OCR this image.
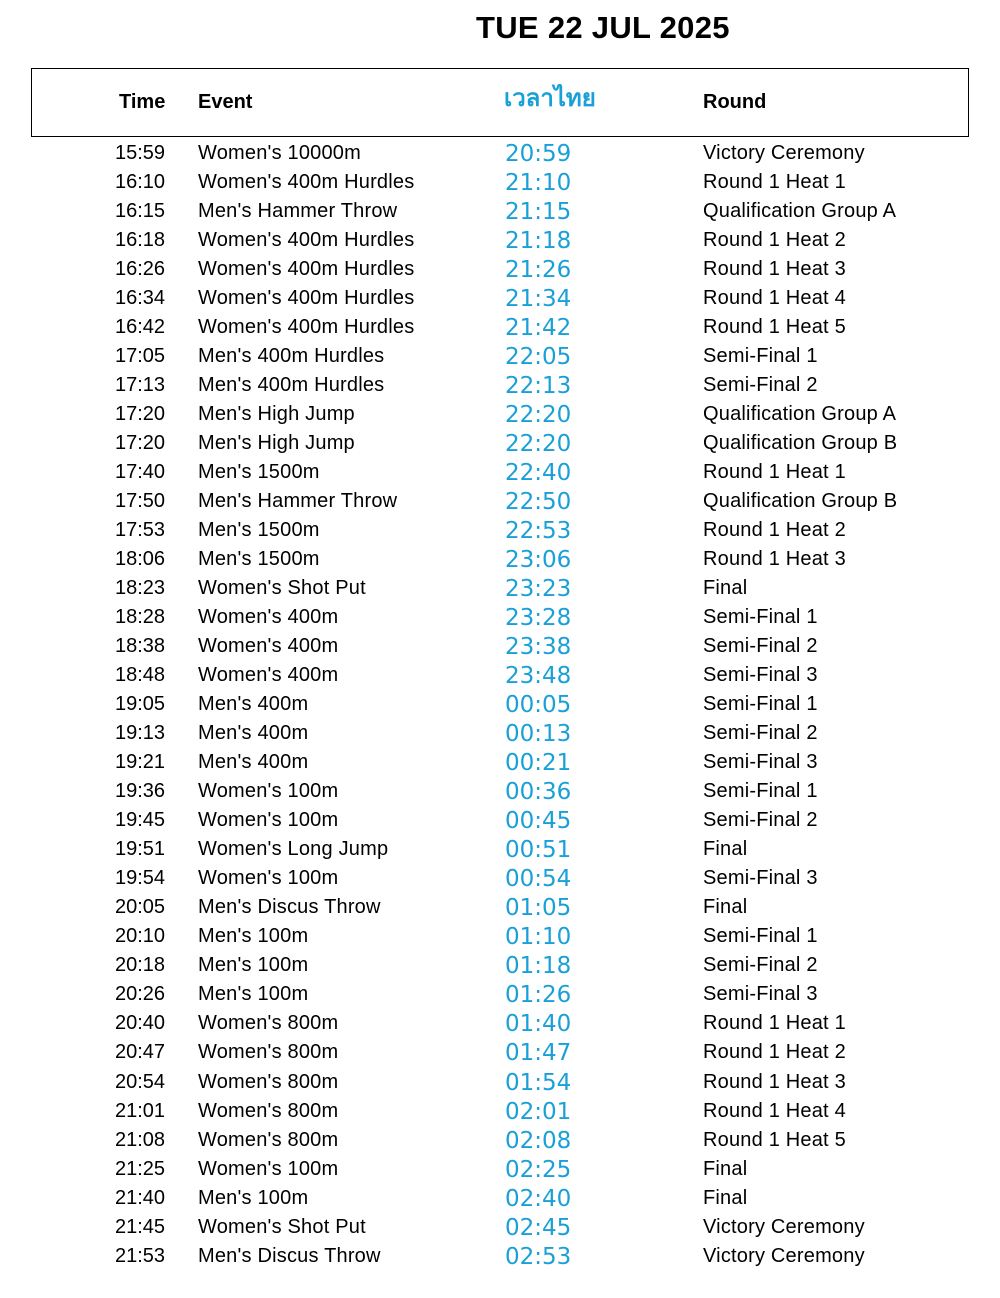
TUE 22 JUL 2025
Time Event	เวลาไทย	Round
15:59 Women's 10000m	20:59	Victory Ceremony
16:10 Women's 400m Hurdles	21:10	Round 1 Heat 1
16:15 Men's Hammer Throw	21:15	Qualification Group A
16:18 Women's 400m Hurdles	21:18	Round 1 Heat 2
16:26 Women's 400m Hurdles	21:26	Round 1 Heat 3
16:34 Women's 400m Hurdles	21:34	Round 1 Heat 4
16:42 Women's 400m Hurdles	21:42	Round 1 Heat 5
17:05 Men's 400m Hurdles	22:05	Semi-Final 1
17:13 Men's 400m Hurdles	22:13	Semi-Final 2
17:20 Men's High Jump	22:20	Qualification Group A
17:20 Men's High Jump	22:20	Qualification Group B
17:40 Men's 1500m	22:40	Round 1 Heat 1
17:50 Men's Hammer Throw	22:50	Qualification Group B
17:53 Men's 1500m	22:53	Round 1 Heat 2
18:06 Men's 1500m	23:06	Round 1 Heat 3
18:23 Women's Shot Put	23:23	Final
18:28 Women's 400m	23:28	Semi-Final 1
18:38 Women's 400m	23:38	Semi-Final 2
18:48 Women's 400m	23:48	Semi-Final 3
19:05 Men's 400m	00:05	Semi-Final 1
19:13 Men's 400m	00:13	Semi-Final 2
19:21 Men's 400m	00:21	Semi-Final 3
19:36 Women's 100m	00:36	Semi-Final 1
19:45 Women's 100m	00:45	Semi-Final 2
19:51 Women's Long Jump	00:51	Final
19:54 Women's 100m	00:54	Semi-Final 3
20:05 Men's Discus Throw	01:05	Final
20:10 Men's 100m	01:10	Semi-Final 1
20:18 Men's 100m	01:18	Semi-Final 2
20:26 Men's 100m	01:26	Semi-Final 3
20:40 Women's 800m	01:40	Round 1 Heat 1
20:47 Women's 800m	01:47	Round 1 Heat 2
20:54 Women's 800m	01:54	Round 1 Heat 3
21:01 Women's 800m	02:01	Round 1 Heat 4
21:08 Women's 800m	02:08	Round 1 Heat 5
21:25 Women's 100m	02:25	Final
21:40 Men's 100m	02:40	Final
21:45 Women's Shot Put	02:45	Victory Ceremony
21:53 Men's Discus Throw	02:53	Victory Ceremony
